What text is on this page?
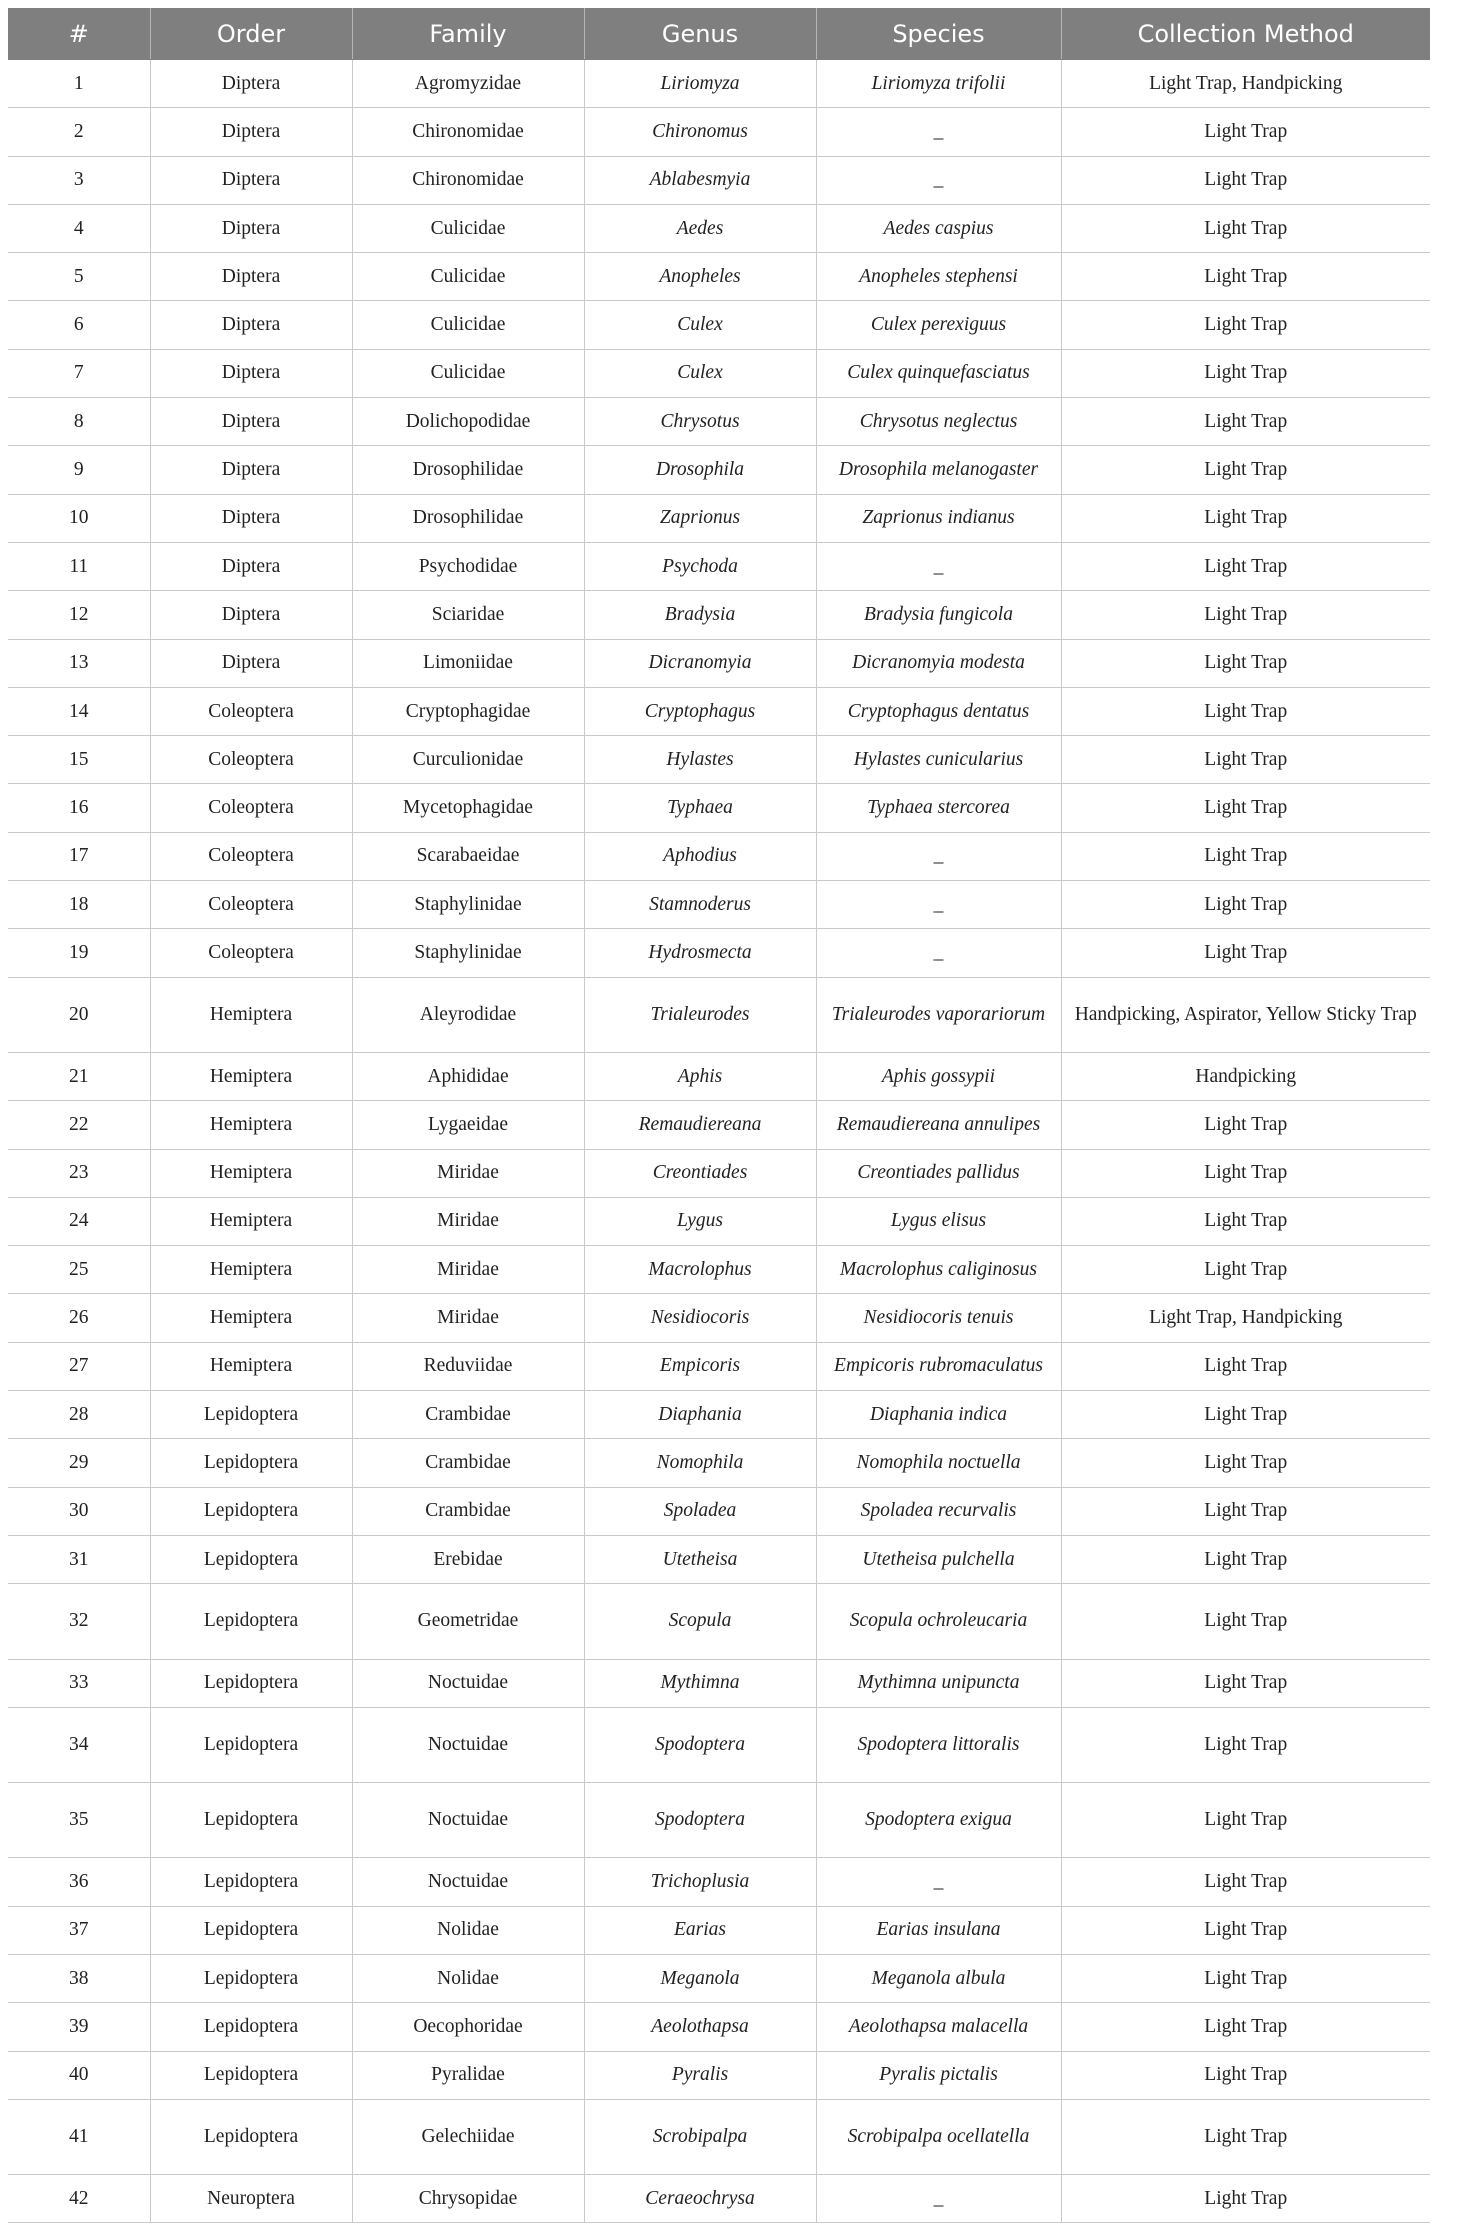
#	Order	Family	Genus	Species	Collection Method
1	Diptera	Agromyzidae	Liriomyza	Liriomyza trifolii	Light Trap, Handpicking
2	Diptera	Chironomidae	Chironomus	_	Light Trap
3	Diptera	Chironomidae	Ablabesmyia	_	Light Trap
4	Diptera	Culicidae	Aedes	Aedes caspius	Light Trap
5	Diptera	Culicidae	Anopheles	Anopheles stephensi	Light Trap
6	Diptera	Culicidae	Culex	Culex perexiguus	Light Trap
7	Diptera	Culicidae	Culex	Culex quinquefasciatus	Light Trap
8	Diptera	Dolichopodidae	Chrysotus	Chrysotus neglectus	Light Trap
9	Diptera	Drosophilidae	Drosophila	Drosophila melanogaster	Light Trap
10	Diptera	Drosophilidae	Zaprionus	Zaprionus indianus	Light Trap
11	Diptera	Psychodidae	Psychoda	_	Light Trap
12	Diptera	Sciaridae	Bradysia	Bradysia fungicola	Light Trap
13	Diptera	Limoniidae	Dicranomyia	Dicranomyia modesta	Light Trap
14	Coleoptera	Cryptophagidae	Cryptophagus	Cryptophagus dentatus	Light Trap
15	Coleoptera	Curculionidae	Hylastes	Hylastes cunicularius	Light Trap
16	Coleoptera	Mycetophagidae	Typhaea	Typhaea stercorea	Light Trap
17	Coleoptera	Scarabaeidae	Aphodius	_	Light Trap
18	Coleoptera	Staphylinidae	Stamnoderus	_	Light Trap
19	Coleoptera	Staphylinidae	Hydrosmecta	_	Light Trap
20	Hemiptera	Aleyrodidae	Trialeurodes	Trialeurodes vaporariorum	Handpicking, Aspirator, Yellow Sticky Trap
21	Hemiptera	Aphididae	Aphis	Aphis gossypii	Handpicking
22	Hemiptera	Lygaeidae	Remaudiereana	Remaudiereana annulipes	Light Trap
23	Hemiptera	Miridae	Creontiades	Creontiades pallidus	Light Trap
24	Hemiptera	Miridae	Lygus	Lygus elisus	Light Trap
25	Hemiptera	Miridae	Macrolophus	Macrolophus caliginosus	Light Trap
26	Hemiptera	Miridae	Nesidiocoris	Nesidiocoris tenuis	Light Trap, Handpicking
27	Hemiptera	Reduviidae	Empicoris	Empicoris rubromaculatus	Light Trap
28	Lepidoptera	Crambidae	Diaphania	Diaphania indica	Light Trap
29	Lepidoptera	Crambidae	Nomophila	Nomophila noctuella	Light Trap
30	Lepidoptera	Crambidae	Spoladea	Spoladea recurvalis	Light Trap
31	Lepidoptera	Erebidae	Utetheisa	Utetheisa pulchella	Light Trap
32	Lepidoptera	Geometridae	Scopula	Scopula ochroleucaria	Light Trap
33	Lepidoptera	Noctuidae	Mythimna	Mythimna unipuncta	Light Trap
34	Lepidoptera	Noctuidae	Spodoptera	Spodoptera littoralis	Light Trap
35	Lepidoptera	Noctuidae	Spodoptera	Spodoptera exigua	Light Trap
36	Lepidoptera	Noctuidae	Trichoplusia	_	Light Trap
37	Lepidoptera	Nolidae	Earias	Earias insulana	Light Trap
38	Lepidoptera	Nolidae	Meganola	Meganola albula	Light Trap
39	Lepidoptera	Oecophoridae	Aeolothapsa	Aeolothapsa malacella	Light Trap
40	Lepidoptera	Pyralidae	Pyralis	Pyralis pictalis	Light Trap
41	Lepidoptera	Gelechiidae	Scrobipalpa	Scrobipalpa ocellatella	Light Trap
42	Neuroptera	Chrysopidae	Ceraeochrysa	_	Light Trap
